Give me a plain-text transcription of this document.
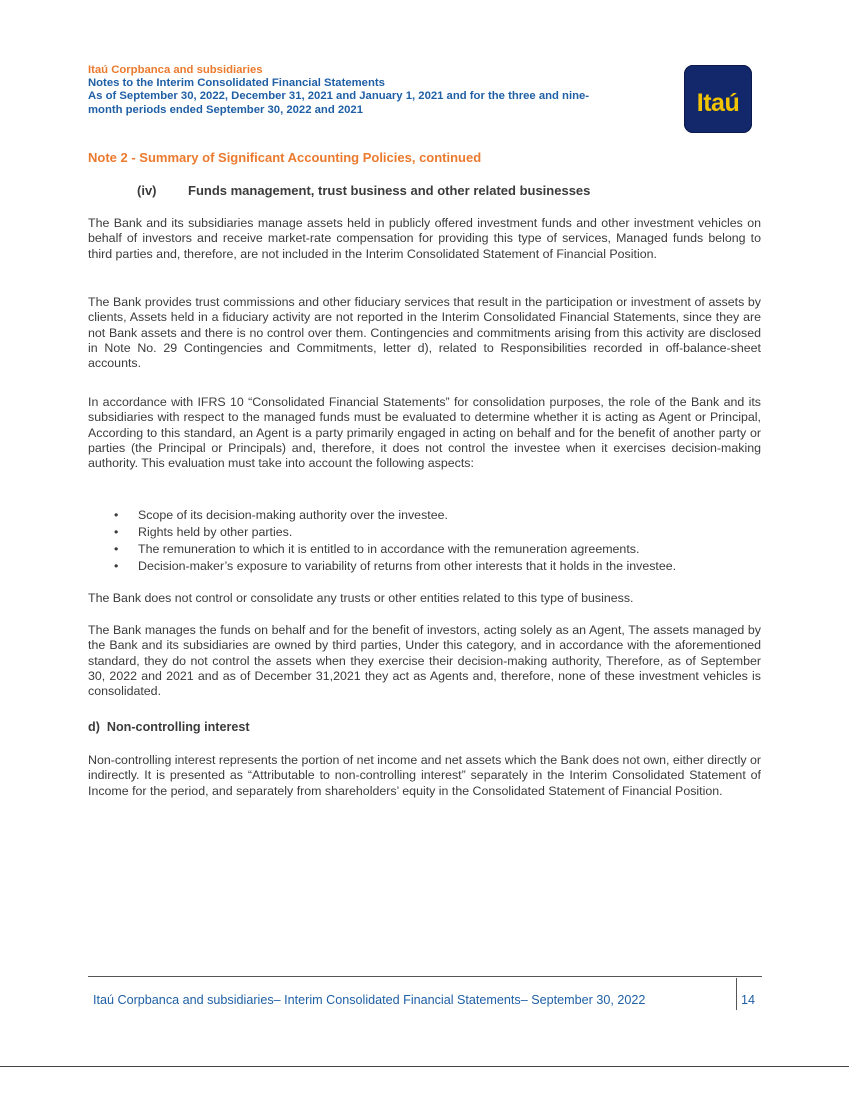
Itaú Corpbanca and subsidiaries
Notes to the Interim Consolidated Financial Statements
As of September 30, 2022, December 31, 2021 and January 1, 2021 and for the three and nine-
month periods ended September 30, 2022 and 2021	Itaú
Note 2 - Summary of Significant Accounting Policies, continued
(iv)	Funds management, trust business and other related businesses

The Bank and its subsidiaries manage assets held in publicly offered investment funds and other investment vehicles on behalf of investors and receive market-rate compensation for providing this type of services, Managed funds belong to third parties and, therefore, are not included in the Interim Consolidated Statement of Financial Position.

The Bank provides trust commissions and other fiduciary services that result in the participation or investment of assets by clients, Assets held in a fiduciary activity are not reported in the Interim Consolidated Financial Statements, since they are not Bank assets and there is no control over them. Contingencies and commitments arising from this activity are disclosed in Note No. 29 Contingencies and Commitments, letter d), related to Responsibilities recorded in off-balance-sheet accounts.

In accordance with IFRS 10 “Consolidated Financial Statements” for consolidation purposes, the role of the Bank and its subsidiaries with respect to the managed funds must be evaluated to determine whether it is acting as Agent or Principal, According to this standard, an Agent is a party primarily engaged in acting on behalf and for the benefit of another party or parties (the Principal or Principals) and, therefore, it does not control the investee when it exercises decision-making authority. This evaluation must take into account the following aspects:

• Scope of its decision-making authority over the investee.
• Rights held by other parties.
• The remuneration to which it is entitled to in accordance with the remuneration agreements.
• Decision-maker’s exposure to variability of returns from other interests that it holds in the investee.

The Bank does not control or consolidate any trusts or other entities related to this type of business.

The Bank manages the funds on behalf and for the benefit of investors, acting solely as an Agent, The assets managed by the Bank and its subsidiaries are owned by third parties, Under this category, and in accordance with the aforementioned standard, they do not control the assets when they exercise their decision-making authority, Therefore, as of September 30, 2022 and 2021 and as of December 31,2021 they act as Agents and, therefore, none of these investment vehicles is consolidated.

d)  Non-controlling interest

Non-controlling interest represents the portion of net income and net assets which the Bank does not own, either directly or indirectly. It is presented as “Attributable to non-controlling interest” separately in the Interim Consolidated Statement of Income for the period, and separately from shareholders’ equity in the Consolidated Statement of Financial Position.

Itaú Corpbanca and subsidiaries– Interim Consolidated Financial Statements– September 30, 2022	14
